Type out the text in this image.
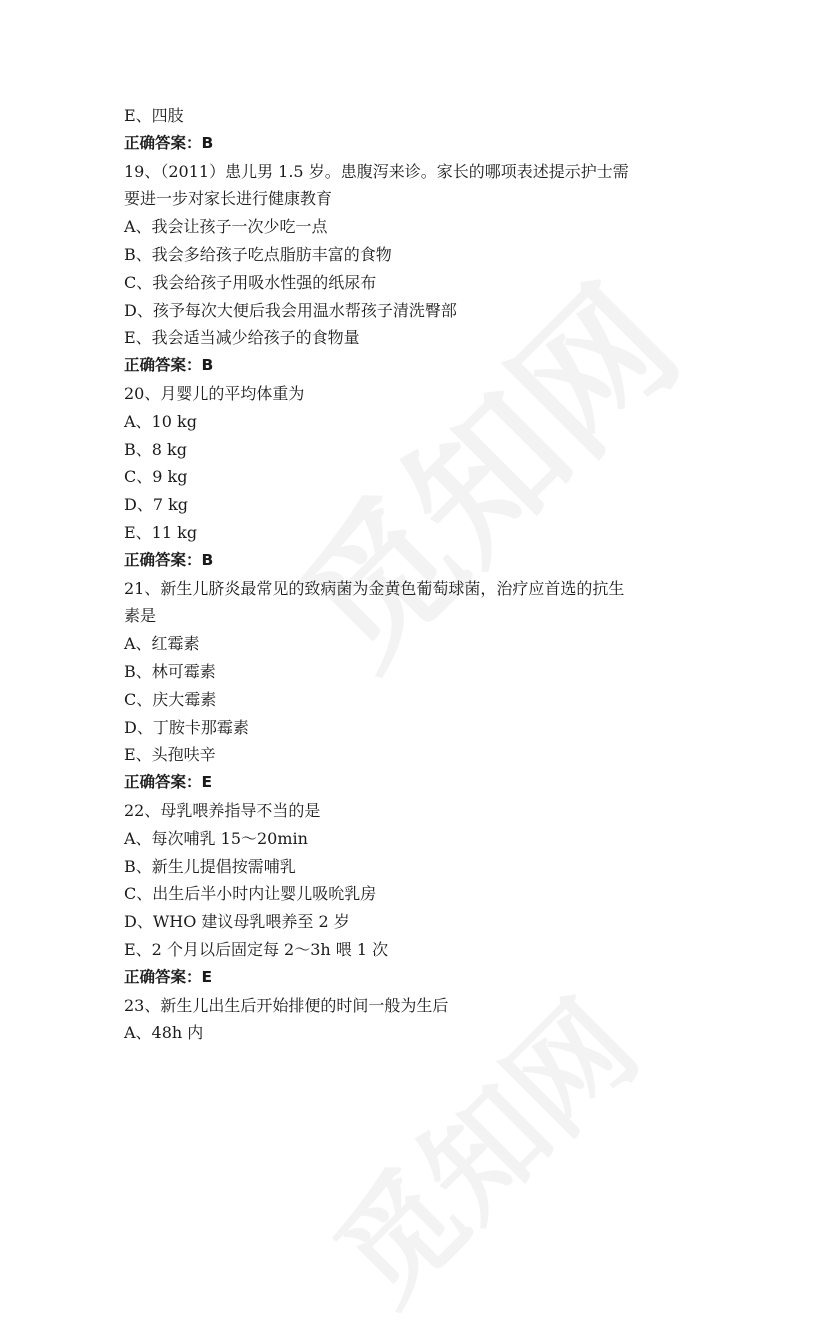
E、四肢
正确答案：B
19、（2011）患儿男 1.5 岁。患腹泻来诊。家长的哪项表述提示护士需
要进一步对家长进行健康教育
A、我会让孩子一次少吃一点
B、我会多给孩子吃点脂肪丰富的食物
C、我会给孩子用吸水性强的纸尿布
D、孩予每次大便后我会用温水帮孩子清洗臀部
E、我会适当减少给孩子的食物量
正确答案：B
20、月婴儿的平均体重为
A、10 kg
B、8 kg
C、9 kg
D、7 kg
E、11 kg
正确答案：B
21、新生儿脐炎最常见的致病菌为金黄色葡萄球菌，治疗应首选的抗生
素是
A、红霉素
B、林可霉素
C、庆大霉素
D、丁胺卡那霉素
E、头孢呋辛
正确答案：E
22、母乳喂养指导不当的是
A、每次哺乳 15～20min
B、新生儿提倡按需哺乳
C、出生后半小时内让婴儿吸吮乳房
D、WHO 建议母乳喂养至 2 岁
E、2 个月以后固定每 2～3h 喂 1 次
正确答案：E
23、新生儿出生后开始排便的时间一般为生后
A、48h 内
